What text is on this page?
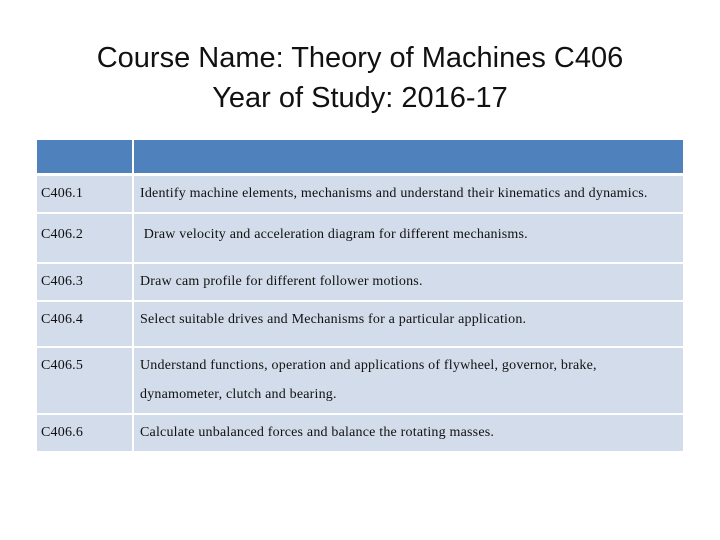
Course Name: Theory of Machines C406
Year of Study: 2016-17

C406.1	Identify machine elements, mechanisms and understand their kinematics and dynamics.
C406.2	Draw velocity and acceleration diagram for different mechanisms.
C406.3	Draw cam profile for different follower motions.
C406.4	Select suitable drives and Mechanisms for a particular application.
C406.5	Understand functions, operation and applications of flywheel, governor, brake, dynamometer, clutch and bearing.
C406.6	Calculate unbalanced forces and balance the rotating masses.
